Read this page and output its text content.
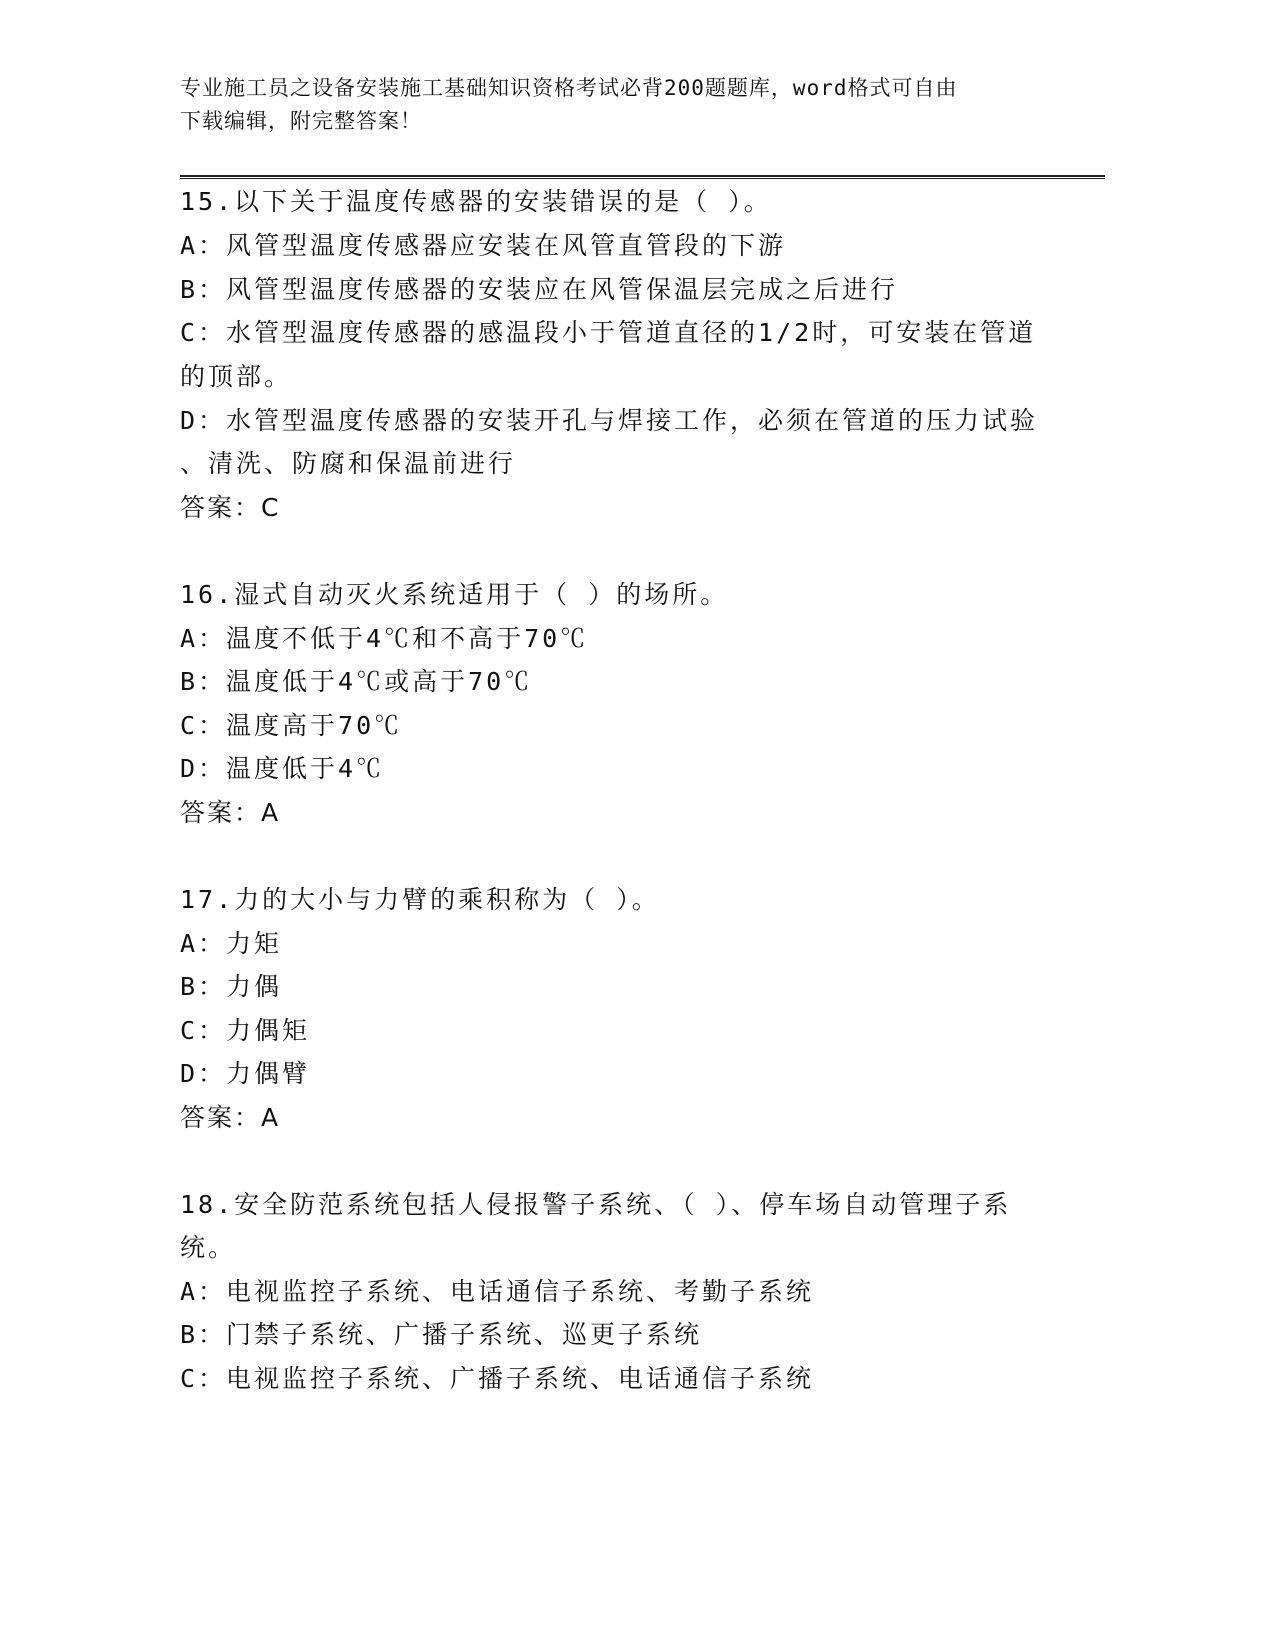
专业施工员之设备安装施工基础知识资格考试必背200题题库，word格式可自由
下载编辑，附完整答案！
15.以下关于温度传感器的安装错误的是（ ）。
A：风管型温度传感器应安装在风管直管段的下游
B：风管型温度传感器的安装应在风管保温层完成之后进行
C：水管型温度传感器的感温段小于管道直径的1/2时，可安装在管道
的顶部。
D：水管型温度传感器的安装开孔与焊接工作，必须在管道的压力试验
、清洗、防腐和保温前进行
答案：C
16.湿式自动灭火系统适用于（ ）的场所。
A：温度不低于4℃和不高于70℃
B：温度低于4℃或高于70℃
C：温度高于70℃
D：温度低于4℃
答案：A
17.力的大小与力臂的乘积称为（ ）。
A：力矩
B：力偶
C：力偶矩
D：力偶臂
答案：A
18.安全防范系统包括人侵报警子系统、（ ）、停车场自动管理子系
统。
A：电视监控子系统、电话通信子系统、考勤子系统
B：门禁子系统、广播子系统、巡更子系统
C：电视监控子系统、广播子系统、电话通信子系统
